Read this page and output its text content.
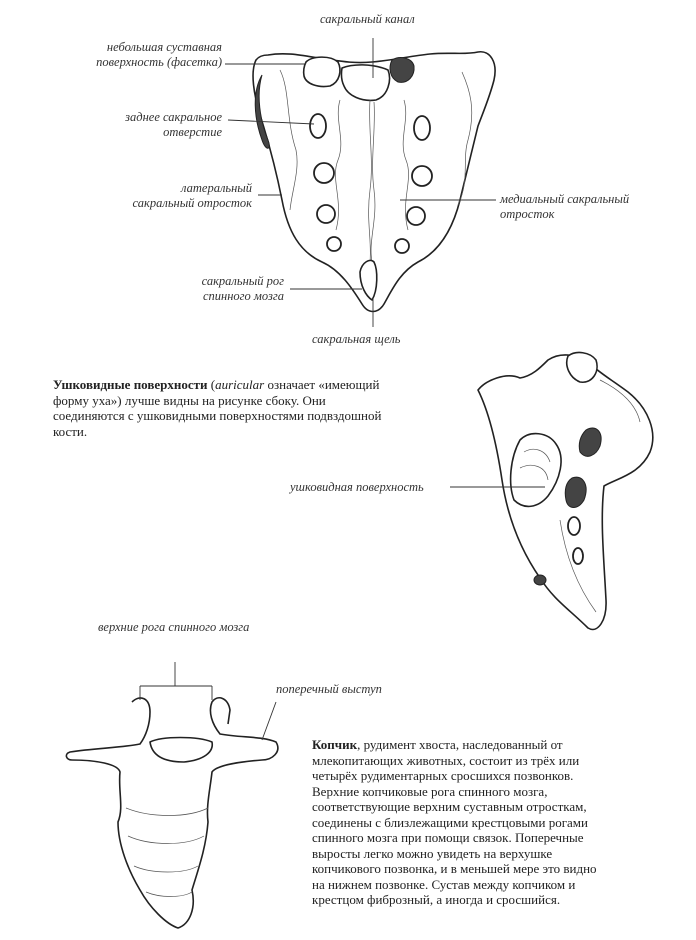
сакральный канал
небольшая суставная
поверхность (фасетка)
заднее сакральное
отверстие
латеральный
сакральный отросток	медиальный сакральный
отросток
сакральный рог
спинного мозга
сакральная щель
Ушковидные поверхности (auricular означает «имеющий
форму уха») лучше видны на рисунке сбоку. Они
соединяются с ушковидными поверхностями подвздошной
кости.
ушковидная поверхность
верхние рога спинного мозга
поперечный выступ
Копчик, рудимент хвоста, наследованный от
млекопитающих животных, состоит из трёх или
четырёх рудиментарных сросшихся позвонков.
Верхние копчиковые рога спинного мозга,
соответствующие верхним суставным отросткам,
соединены с близлежащими крестцовыми рогами
спинного мозга при помощи связок. Поперечные
выросты легко можно увидеть на верхушке
копчикового позвонка, и в меньшей мере это видно
на нижнем позвонке. Сустав между копчиком и
крестцом фиброзный, а иногда и сросшийся.
